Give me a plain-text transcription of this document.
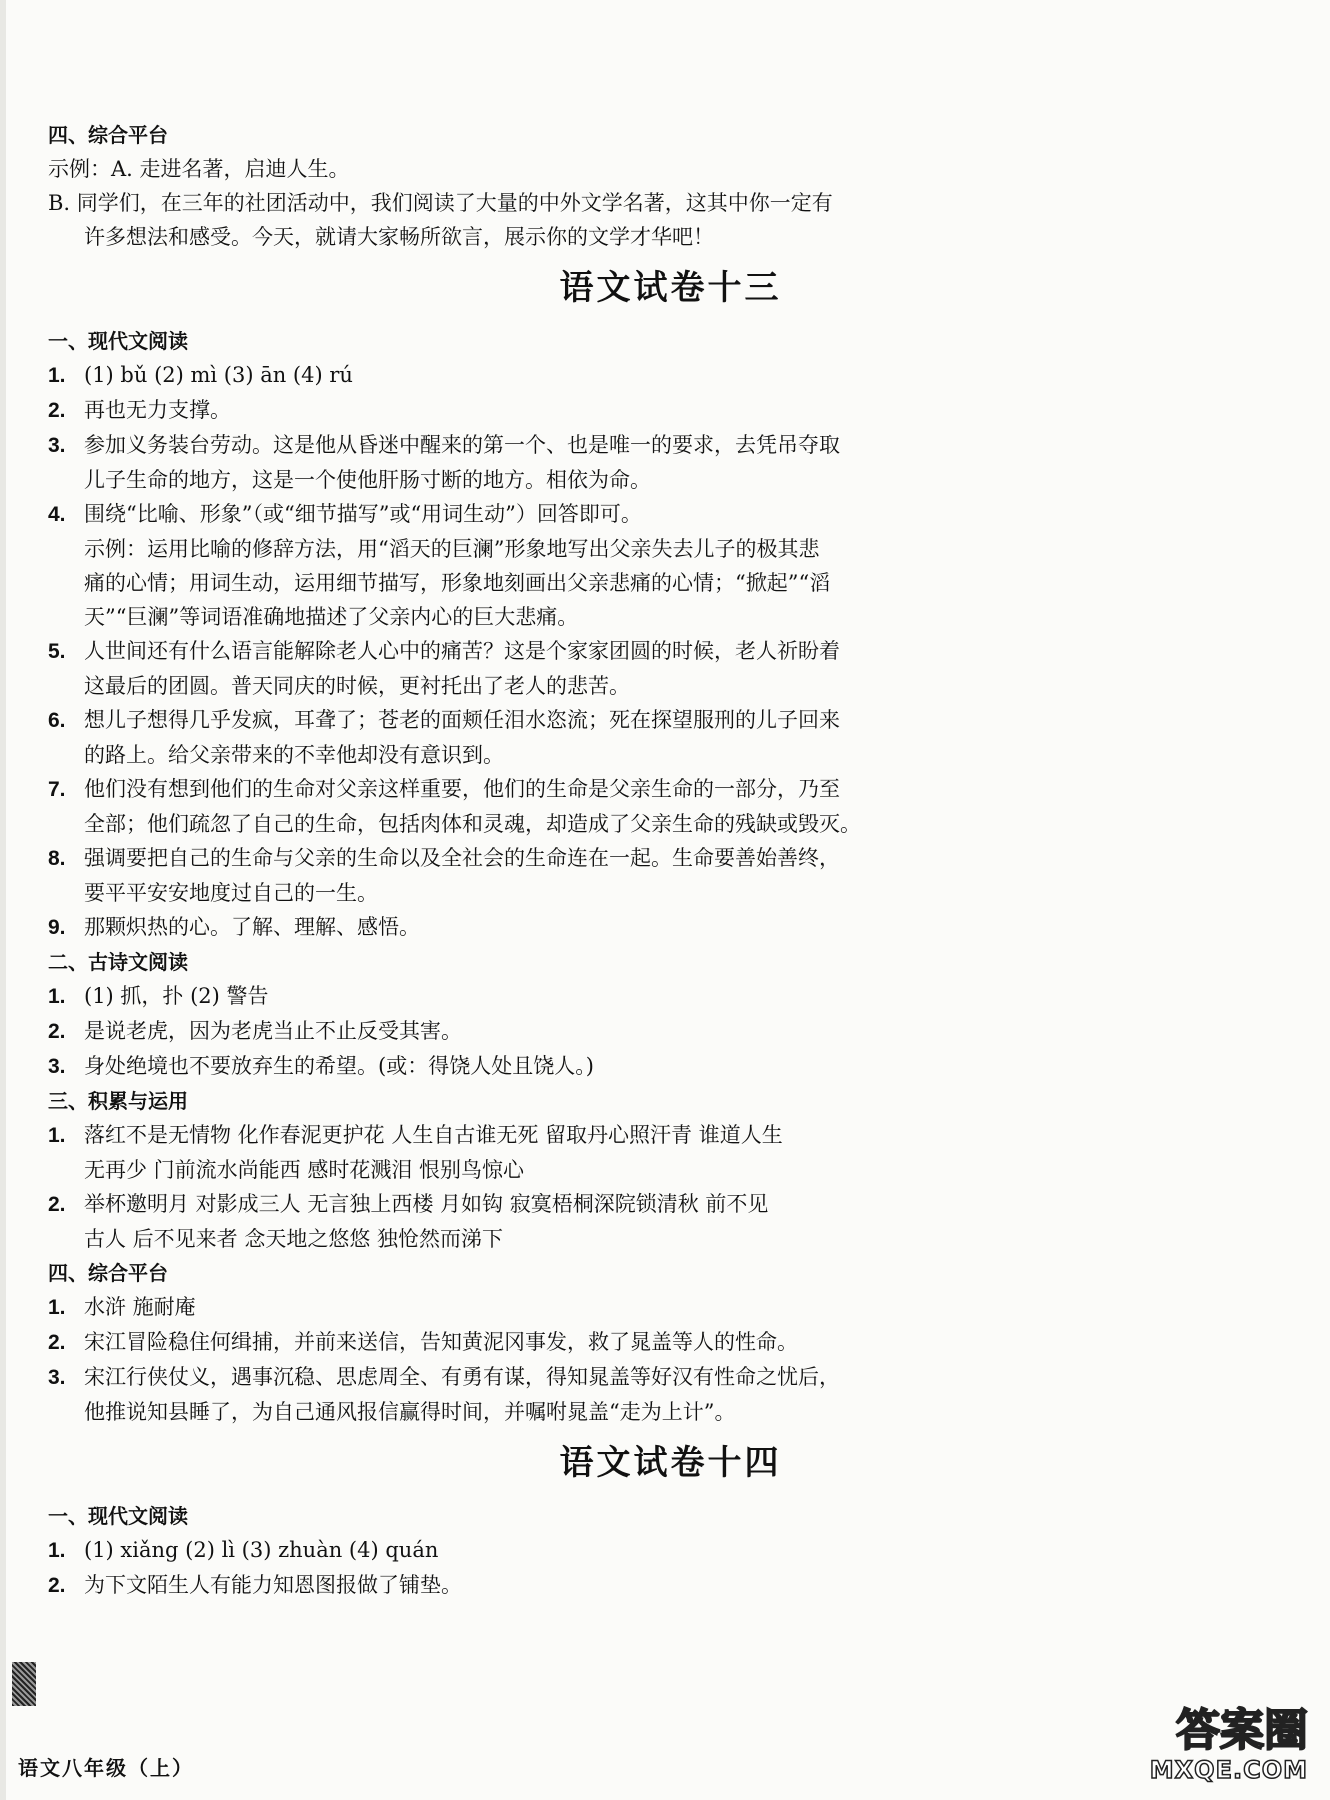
四、综合平台
示例：A. 走进名著，启迪人生。
B. 同学们，在三年的社团活动中，我们阅读了大量的中外文学名著，这其中你一定有
许多想法和感受。今天，就请大家畅所欲言，展示你的文学才华吧！
语文试卷十三
一、现代文阅读
1. (1) bǔ (2) mì (3) ān (4) rú
2. 再也无力支撑。
3. 参加义务装台劳动。这是他从昏迷中醒来的第一个、也是唯一的要求，去凭吊夺取
儿子生命的地方，这是一个使他肝肠寸断的地方。相依为命。
4. 围绕“比喻、形象”（或“细节描写”或“用词生动”）回答即可。
示例：运用比喻的修辞方法，用“滔天的巨澜”形象地写出父亲失去儿子的极其悲
痛的心情；用词生动，运用细节描写，形象地刻画出父亲悲痛的心情；“掀起”“滔
天”“巨澜”等词语准确地描述了父亲内心的巨大悲痛。
5. 人世间还有什么语言能解除老人心中的痛苦？这是个家家团圆的时候，老人祈盼着
这最后的团圆。普天同庆的时候，更衬托出了老人的悲苦。
6. 想儿子想得几乎发疯，耳聋了；苍老的面颊任泪水恣流；死在探望服刑的儿子回来
的路上。给父亲带来的不幸他却没有意识到。
7. 他们没有想到他们的生命对父亲这样重要，他们的生命是父亲生命的一部分，乃至
全部；他们疏忽了自己的生命，包括肉体和灵魂，却造成了父亲生命的残缺或毁灭。
8. 强调要把自己的生命与父亲的生命以及全社会的生命连在一起。生命要善始善终，
要平平安安地度过自己的一生。
9. 那颗炽热的心。了解、理解、感悟。
二、古诗文阅读
1. (1) 抓，扑 (2) 警告
2. 是说老虎，因为老虎当止不止反受其害。
3. 身处绝境也不要放弃生的希望。(或：得饶人处且饶人。)
三、积累与运用
1. 落红不是无情物 化作春泥更护花 人生自古谁无死 留取丹心照汗青 谁道人生
无再少 门前流水尚能西 感时花溅泪 恨别鸟惊心
2. 举杯邀明月 对影成三人 无言独上西楼 月如钩 寂寞梧桐深院锁清秋 前不见
古人 后不见来者 念天地之悠悠 独怆然而涕下
四、综合平台
1. 水浒 施耐庵
2. 宋江冒险稳住何缉捕，并前来送信，告知黄泥冈事发，救了晁盖等人的性命。
3. 宋江行侠仗义，遇事沉稳、思虑周全、有勇有谋，得知晁盖等好汉有性命之忧后，
他推说知县睡了，为自己通风报信赢得时间，并嘱咐晁盖“走为上计”。
语文试卷十四
一、现代文阅读
1. (1) xiǎng (2) lì (3) zhuàn (4) quán
2. 为下文陌生人有能力知恩图报做了铺垫。
语文八年级（上）
答案圈
MXQE.COM
